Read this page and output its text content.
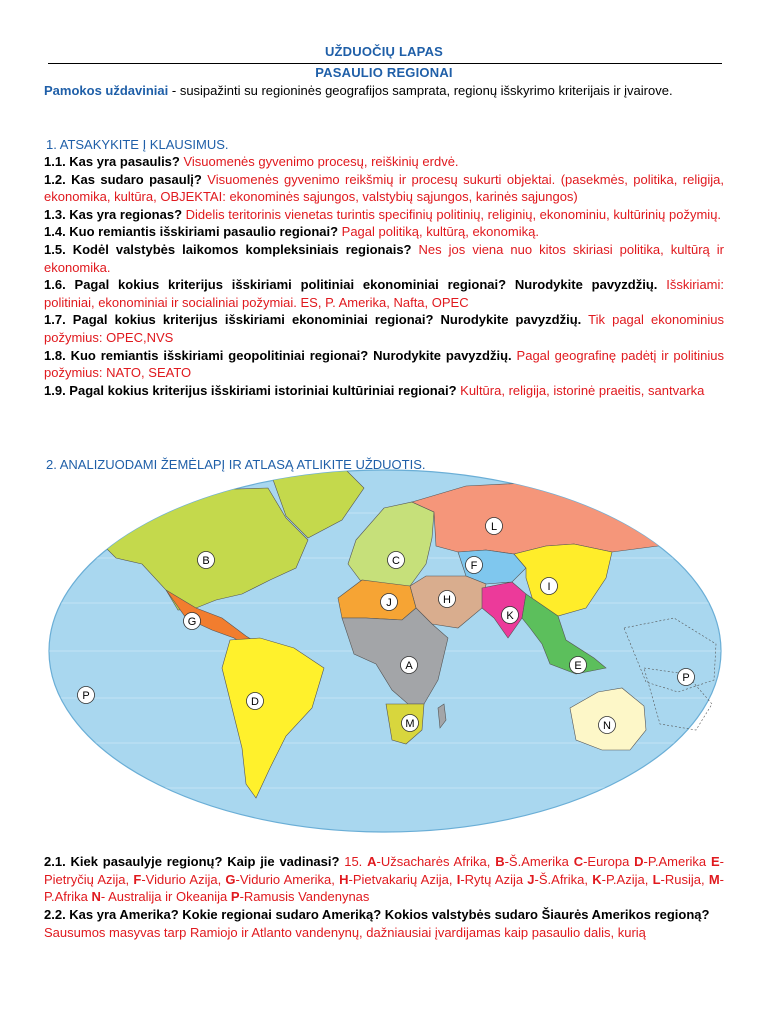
UŽDUOČIŲ LAPAS
PASAULIO REGIONAI
Pamokos uždaviniai - susipažinti su regioninės geografijos samprata, regionų išskyrimo kriterijais ir įvairove.
1. ATSAKYKITE Į KLAUSIMUS.
1.1. Kas yra pasaulis? Visuomenės gyvenimo procesų, reiškinių erdvė.
1.2. Kas sudaro pasaulį? Visuomenės gyvenimo reikšmių ir procesų sukurti objektai. (pasekmės, politika, religija, ekonomika, kultūra, OBJEKTAI: ekonominės sąjungos, valstybių sąjungos, karinės sąjungos)
1.3. Kas yra regionas? Didelis teritorinis vienetas turintis specifinių politinių, religinių, ekonominiu, kultūrinių požymių.
1.4. Kuo remiantis išskiriami pasaulio regionai? Pagal politiką, kultūrą, ekonomiką.
1.5. Kodėl valstybės laikomos kompleksiniais regionais? Nes jos viena nuo kitos skiriasi politika, kultūrą ir ekonomika.
1.6. Pagal kokius kriterijus išskiriami politiniai ekonominiai regionai? Nurodykite pavyzdžių. Išskiriami: politiniai, ekonominiai ir socialiniai požymiai. ES, P. Amerika, Nafta, OPEC
1.7. Pagal kokius kriterijus išskiriami ekonominiai regionai? Nurodykite pavyzdžių. Tik pagal ekonominius požymius: OPEC,NVS
1.8. Kuo remiantis išskiriami geopolitiniai regionai? Nurodykite pavyzdžių. Pagal geografinę padėtį ir politinius požymius: NATO, SEATO
1.9. Pagal kokius kriterijus išskiriami istoriniai kultūriniai regionai? Kultūra, religija, istorinė praeitis, santvarka
2. ANALIZUODAMI ŽEMĖLAPĮ IR ATLASĄ ATLIKITE UŽDUOTIS.
L
B	C	F
I
J	H
G	K
A	E
P	D
M	N
P
2.1. Kiek pasaulyje regionų? Kaip jie vadinasi? 15. A-Užsacharės Afrika, B-Š.Amerika C-Europa D-P.Amerika E-Pietryčių Azija, F-Vidurio Azija, G-Vidurio Amerika, H-Pietvakarių Azija, I-Rytų Azija J-Š.Afrika, K-P.Azija, L-Rusija, M-P.Afrika N- Australija ir Okeanija P-Ramusis Vandenynas
2.2. Kas yra Amerika? Kokie regionai sudaro Ameriką? Kokios valstybės sudaro Šiaurės Amerikos regioną?
Sausumos masyvas tarp Ramiojo ir Atlanto vandenynų, dažniausiai įvardijamas kaip pasaulio dalis, kurią
